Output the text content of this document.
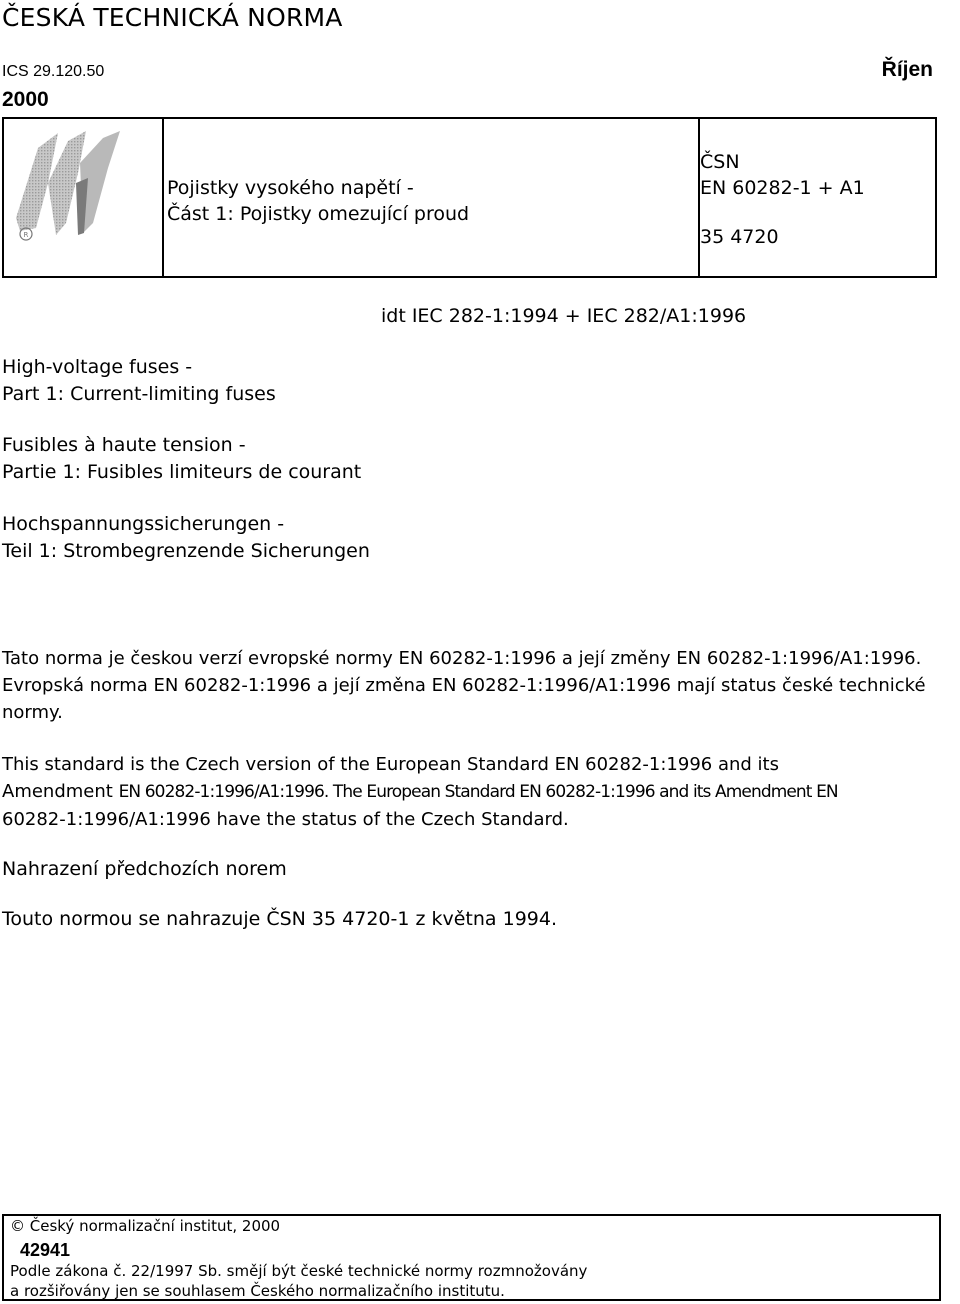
ČESKÁ TECHNICKÁ NORMA
ICS 29.120.50	Říjen
2000
R
Pojistky vysokého napětí -
Část 1: Pojistky omezující proud
ČSN
EN 60282-1 + A1
35 4720
idt IEC 282-1:1994 + IEC 282/A1:1996
High-voltage fuses -
Part 1: Current-limiting fuses
Fusibles à haute tension -
Partie 1: Fusibles limiteurs de courant
Hochspannungssicherungen -
Teil 1: Strombegrenzende Sicherungen
Tato norma je českou verzí evropské normy EN 60282-1:1996 a její změny EN 60282-1:1996/A1:1996.
Evropská norma EN 60282-1:1996 a její změna EN 60282-1:1996/A1:1996 mají status české technické
normy.
This standard is the Czech version of the European Standard EN 60282-1:1996 and its
Amendment EN 60282-1:1996/A1:1996. The European Standard EN 60282-1:1996 and its Amendment EN
60282-1:1996/A1:1996 have the status of the Czech Standard.
Nahrazení předchozích norem
Touto normou se nahrazuje ČSN 35 4720-1 z května 1994.
© Český normalizační institut, 2000
42941
Podle zákona č. 22/1997 Sb. smějí být české technické normy rozmnožovány
a rozšiřovány jen se souhlasem Českého normalizačního institutu.
